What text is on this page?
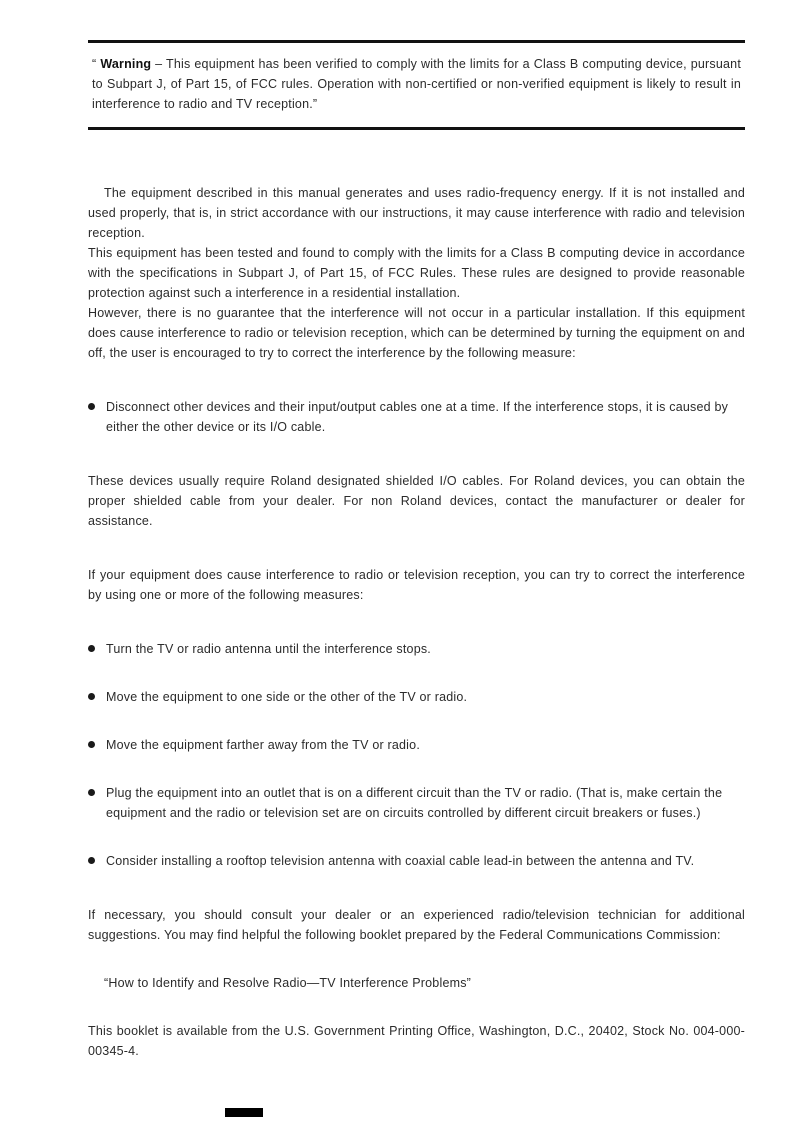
“ Warning – This equipment has been verified to comply with the limits for a Class B computing device, pursuant to Subpart J, of Part 15, of FCC rules. Operation with non-certified or non-verified equipment is likely to result in interference to radio and TV reception.”

The equipment described in this manual generates and uses radio-frequency energy. If it is not installed and used properly, that is, in strict accordance with our instructions, it may cause interference with radio and television reception.

This equipment has been tested and found to comply with the limits for a Class B computing device in accordance with the specifications in Subpart J, of Part 15, of FCC Rules. These rules are designed to provide reasonable protection against such a interference in a residential installation.

However, there is no guarantee that the interference will not occur in a particular installation. If this equipment does cause interference to radio or television reception, which can be determined by turning the equipment on and off, the user is encouraged to try to correct the interference by the following measure:

Disconnect other devices and their input/output cables one at a time. If the interference stops, it is caused by either the other device or its I/O cable.

These devices usually require Roland designated shielded I/O cables. For Roland devices, you can obtain the proper shielded cable from your dealer. For non Roland devices, contact the manufacturer or dealer for assistance.

If your equipment does cause interference to radio or television reception, you can try to correct the interference by using one or more of the following measures:

Turn the TV or radio antenna until the interference stops.
Move the equipment to one side or the other of the TV or radio.
Move the equipment farther away from the TV or radio.
Plug the equipment into an outlet that is on a different circuit than the TV or radio. (That is, make certain the equipment and the radio or television set are on circuits controlled by different circuit breakers or fuses.)
Consider installing a rooftop television antenna with coaxial cable lead-in between the antenna and TV.

If necessary, you should consult your dealer or an experienced radio/television technician for additional suggestions. You may find helpful the following booklet prepared by the Federal Communications Commission:

“How to Identify and Resolve Radio—TV Interference Problems”

This booklet is available from the U.S. Government Printing Office, Washington, D.C., 20402, Stock No. 004-000-00345-4.
